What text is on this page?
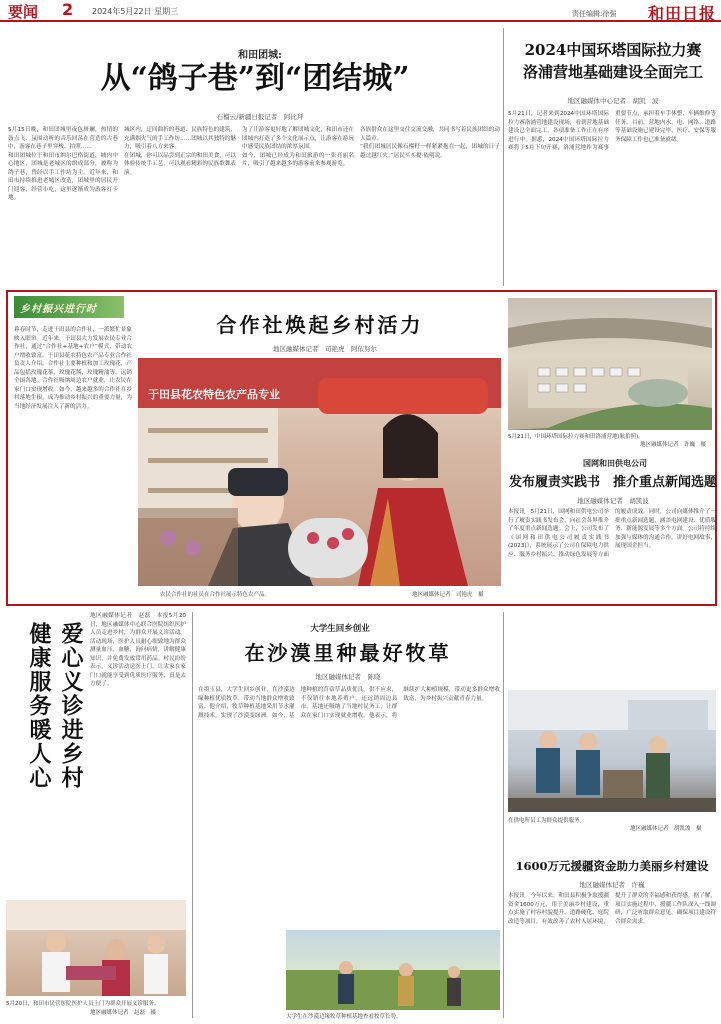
要闻 2 2024年5月22日 星期三	责任编辑:徐强 和田日报
和田团城:
从“鸽子巷”到“团结城”
石榴云/新疆日报记者　阿比拜

5月15日晚，和田团城里夜色斑斓，热情的鼓点飞、氛围动听的音乐回荡在营造的古巷中，游客在巷子里穿梭、拍照……

和田团城位于和田市纳尔巴格街道，城内中心地区，团城是老城区的组成部分，被称为鸽子巷，曾经以手工作坊为主。近年来，和田市持续推进老城区改造，团城里的居民开门迎客、经营小吃，这里逐渐成为游客打卡地。

城区内，迂回曲折的巷道、民族特色的建筑、充满烟火气的手工作坊……团城以其独特的魅力，吸引着八方来客。

在团城，你可以品尝到正宗的和田美食，可以体验传统手工艺，可以观看精彩的民族歌舞表演。

为了让游客更好地了解团城文化，和田市还在团城内打造了多个文化展示点，让游客在游玩中感受民族团结的浓厚氛围。

如今，团城已经成为和田旅游的一张亮丽名片，吸引了越来越多的游客前来参观游览。

各族群众在这里交往交流交融，共同书写着民族团结的动人篇章。

“我们团城居民像石榴籽一样紧紧抱在一起，团城的日子越过越红火。”居民买买提·依明说。

2024中国环塔国际拉力赛
洛浦营地基础建设全面完工
地区融媒体中心记者　胡凯　波
5月21日，记者来到2024中国环塔国际拉力赛洛浦营地建设现场，看到营地基础建设已全面完工，各项准备工作正在有序进行中。据悉，2024中国环塔国际拉力赛将于5月下旬开赛，洛浦营地作为赛事重要节点，承担着车手休整、车辆维修等任务。目前，营地内水、电、网络、道路等基础设施已建设完毕，医疗、安保等服务保障工作也已准备就绪。
乡村振兴进行时
合作社焕起乡村活力
地区融媒体记者　司艳虎　阿依努尔
暮春时节，走进于田县的合作社，一派繁忙景象映入眼帘。近年来，于田县大力发展农民专业合作社，通过“合作社+基地+农户”模式，带动农户增收致富。于田县花农特色农产品专业合作社负责人介绍，合作社主要种植和加工玫瑰花，产品包括玫瑰花茶、玫瑰花酱、玫瑰精油等，远销全国各地。合作社吸纳周边农户就业，让农民在家门口实现增收。如今，越来越多的合作社在乡村落地生根，成为推动乡村振兴的重要力量，为当地经济发展注入了新的活力。
于田县花农特色农产品专业
农民合作社的社员在合作社展示特色农产品。	地区融媒体记者　司艳虎　摄
5月21日，中国环塔国际拉力赛和田洛浦营地(航拍照)。
地区融媒体记者　许巍　摄
国网和田供电公司
发布履责实践书　推介重点新闻选题
地区融媒体记者　胡凯波
本报讯　5月21日，国网和田供电公司举行了履责实践书发布会，向社会各界推介了年度重点新闻选题。会上，公司发布了《国网和田供电公司履责实践书(2023)》，系统展示了公司在保障电力供应、服务乡村振兴、推动绿色发展等方面的履责成效。同时，公司向媒体推介了一批重点新闻选题，涵盖电网建设、优质服务、新能源发展等多个方面。公司将持续加强与媒体的沟通合作，讲好电网故事，展现国企担当。
在供电所员工为群众提供服务。
地区融媒体记者　胡凯波　摄
爱心义诊进乡村
健康服务暖人心
地区融媒体记者　赵磊　本报5月20日，地区融媒体中心联合医院组织医护人员走进乡村，为群众开展义诊活动。活动现场，医护人员耐心细致地为群众测量血压、血糖，询问病情，讲解健康知识，并免费发放常用药品。村民纷纷表示，义诊活动送医上门，让大家在家门口就能享受到优质医疗服务，真是太方便了。
5月20日，和田市民营医院医护人员上门为群众开展义诊服务。
地区融媒体记者　赵磊　摄
大学生回乡创业
在沙漠里种最好牧草
地区融媒体记者　陈晓
在墨玉县，大学生回乡创业，在沙漠边缘种植优质牧草，带动当地群众增收致富。他介绍，牧草种植基地采用节水灌溉技术，实现了沙漠变绿洲。如今，基地种植的苜蓿草品质优良，供不应求，不仅销往本地养殖户，还远销周边县市。基地还吸纳了当地村民务工，让群众在家门口实现就业增收。他表示，将继续扩大种植规模，带动更多群众增收致富，为乡村振兴贡献青春力量。
大学生在沙漠边缘牧草种植基地查看牧草长势。
1600万元援疆资金助力美丽乡村建设
地区融媒体记者　许巍
本报讯　今年以来，和田县积极争取援疆资金1600万元，用于美丽乡村建设，重点实施了村容村貌提升、道路硬化、庭院改造等项目，有效改善了农村人居环境，提升了群众的幸福感和获得感。据了解，项目实施过程中，援疆工作队深入一线调研，广泛听取群众意见，确保项目建设符合群众需求。
